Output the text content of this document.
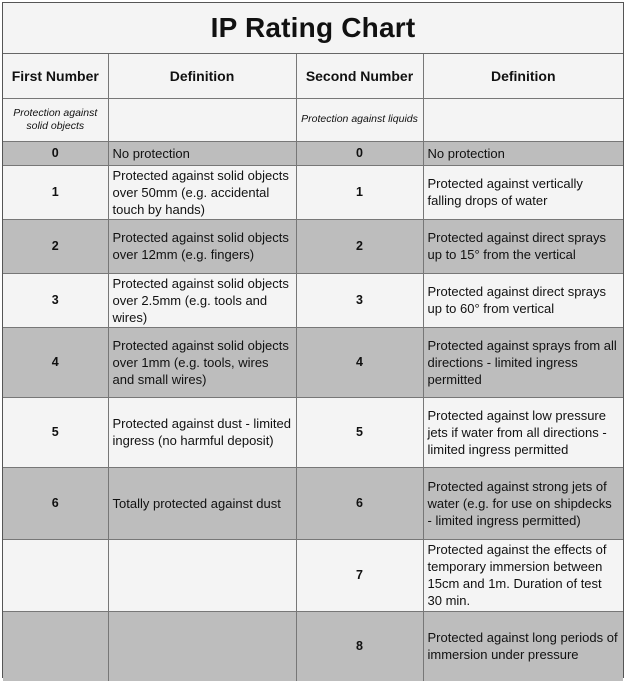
IP Rating Chart
First Number	Definition	Second Number	Definition
Protection against solid objects		Protection against liquids	
0	No protection	0	No protection
1	Protected against solid objects over 50mm (e.g. accidental touch by hands)	1	Protected against vertically falling drops of water
2	Protected against solid objects over 12mm (e.g. fingers)	2	Protected against direct sprays up to 15° from the vertical
3	Protected against solid objects over 2.5mm (e.g. tools and wires)	3	Protected against direct sprays up to 60° from vertical
4	Protected against solid objects over 1mm (e.g. tools, wires and small wires)	4	Protected against sprays from all directions - limited ingress permitted
5	Protected against dust - limited ingress (no harmful deposit)	5	Protected against low pressure jets if water from all directions - limited ingress permitted
6	Totally protected against dust	6	Protected against strong jets of water (e.g. for use on shipdecks - limited ingress permitted)
		7	Protected against the effects of temporary immersion between 15cm and 1m. Duration of test 30 min.
		8	Protected against long periods of immersion under pressure
